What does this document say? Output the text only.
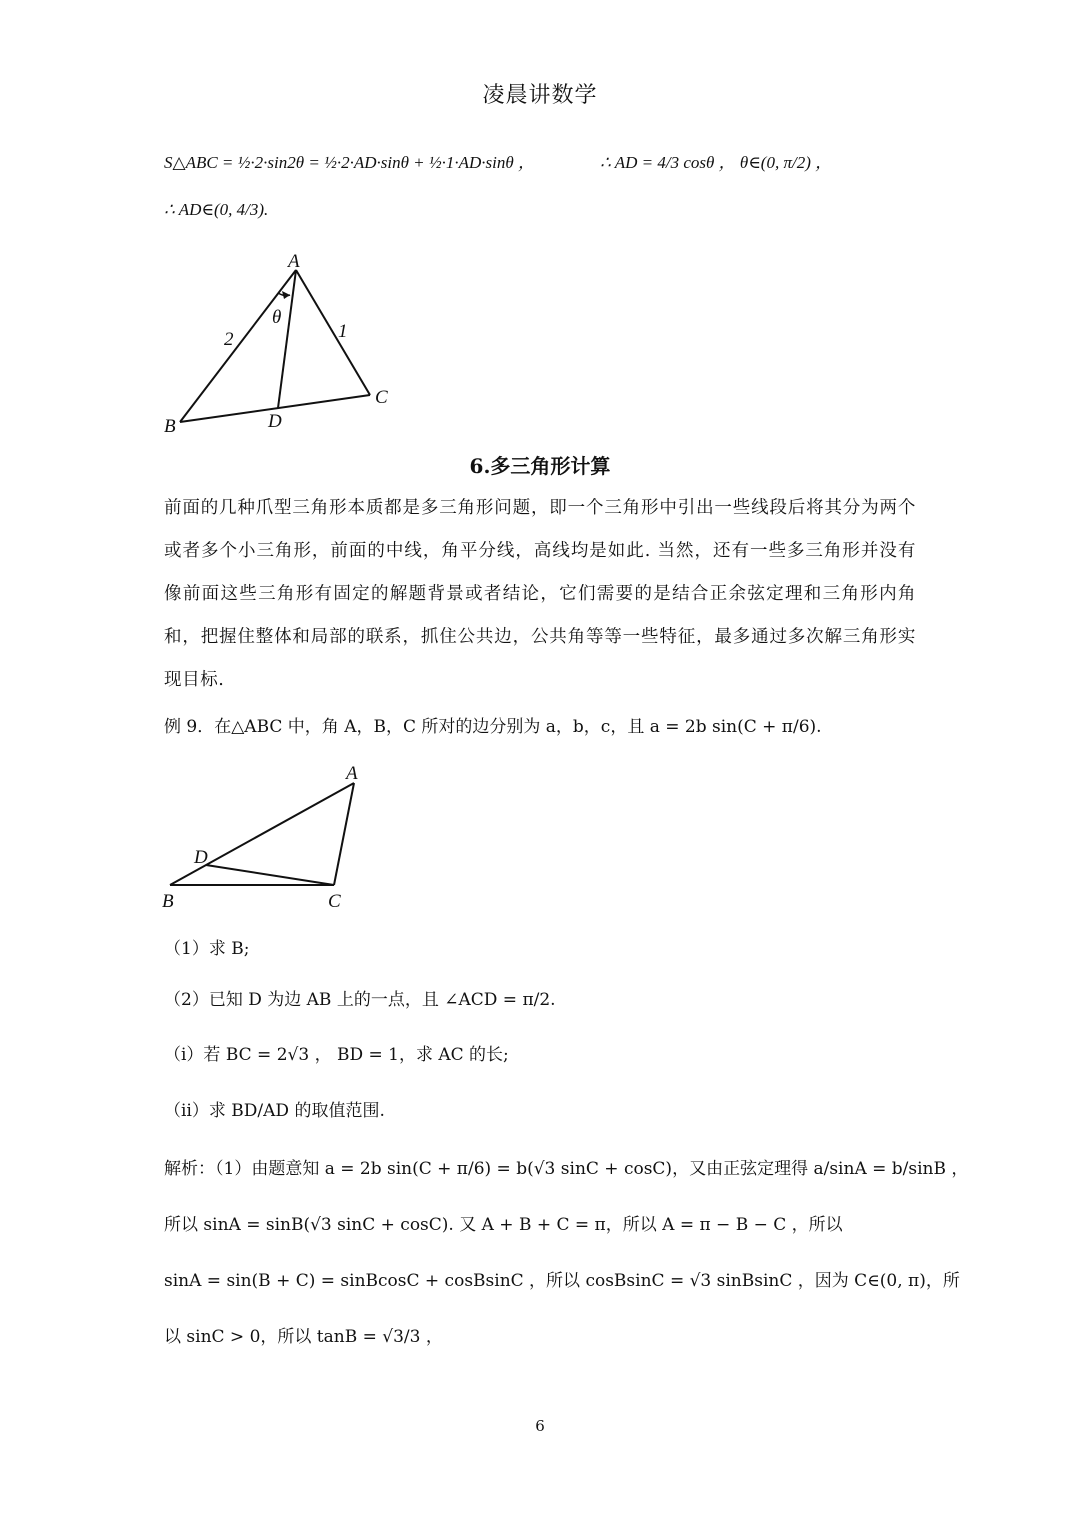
凌晨讲数学
S△ABC = ½·2·sin2θ = ½·2·AD·sinθ + ½·1·AD·sinθ ，	∴ AD = 4/3 cosθ ， θ∈(0, π/2) ，
∴ AD∈(0, 4/3).
A
B
C
D
θ
2	1
6.多三角形计算
前面的几种爪型三角形本质都是多三角形问题，即一个三角形中引出一些线段后将其分为两个或者多个小三角形，前面的中线，角平分线，高线均是如此. 当然，还有一些多三角形并没有像前面这些三角形有固定的解题背景或者结论，它们需要的是结合正余弦定理和三角形内角和，把握住整体和局部的联系，抓住公共边，公共角等等一些特征，最多通过多次解三角形实现目标.
例 9．在△ABC 中，角 A，B，C 所对的边分别为 a，b，c，且 a = 2b sin(C + π/6).
A
B	C
D
（1）求 B;
（2）已知 D 为边 AB 上的一点，且 ∠ACD = π/2.
（ⅰ）若 BC = 2√3 ， BD = 1，求 AC 的长;
（ⅱ）求 BD/AD 的取值范围.
解析：（1）由题意知 a = 2b sin(C + π/6) = b(√3 sinC + cosC)，又由正弦定理得 a/sinA = b/sinB ，
所以 sinA = sinB(√3 sinC + cosC). 又 A + B + C = π，所以 A = π − B − C ，所以
sinA = sin(B + C) = sinBcosC + cosBsinC ，所以 cosBsinC = √3 sinBsinC ，因为 C∈(0, π)，所
以 sinC > 0，所以 tanB = √3/3 ，
6
